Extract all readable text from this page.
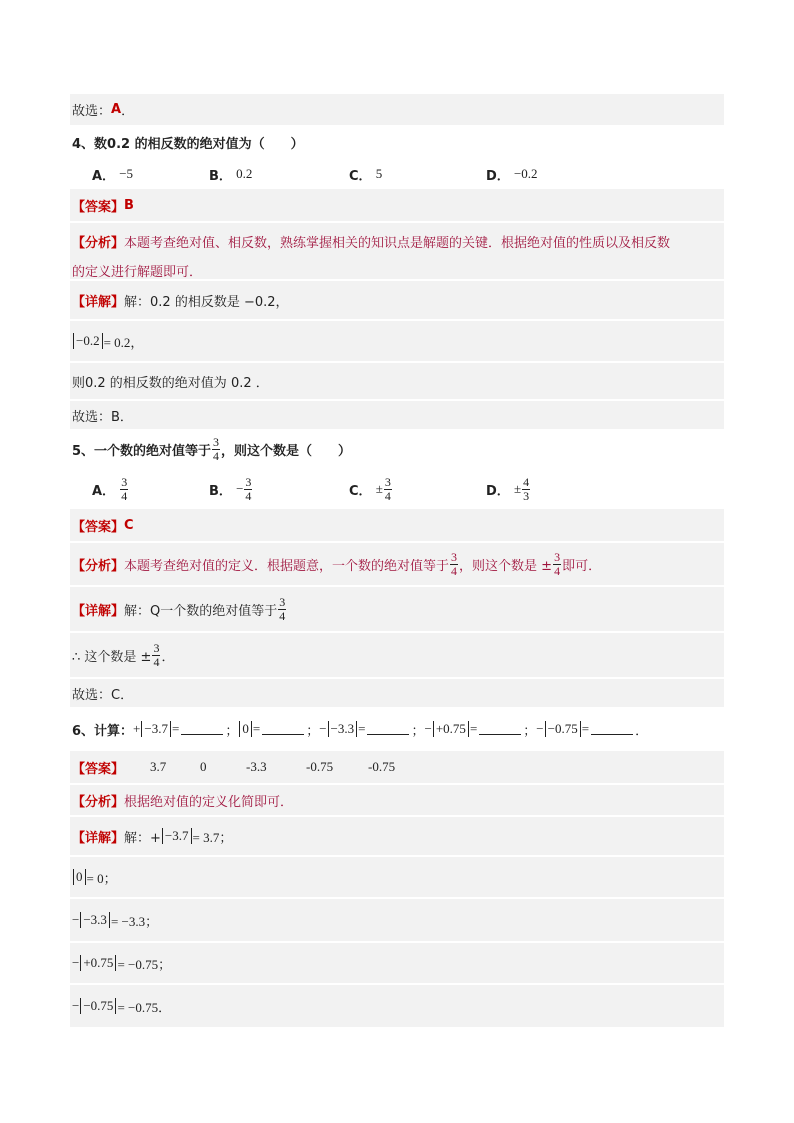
故选： A ．
4、数0.2 的相反数的绝对值为（　　）
A．
−5	B．
0.2	C．
5	D．
−0.2
【答案】 B
【分析】本题考查绝对值、相反数，熟练掌握相关的知识点是解题的关键．根据绝对值的性质以及相反数
的定义进行解题即可．
【详解】 解：0.2 的相反数是 −0.2，
−0.2 = 0.2，
则0.2 的相反数的绝对值为 0.2 ．
故选：B．
5、一个数的绝对值等于 $\frac{3}{4}$ ，则这个数是（　　）
A．
$\frac{3}{4}$	B．
− $\frac{3}{4}$	C．
± $\frac{3}{4}$	D．
± $\frac{4}{3}$
【答案】 C
【分析】 本题考查绝对值的定义．根据题意，一个数的绝对值等于 $\frac{3}{4}$ ，则这个数是 ± $\frac{3}{4}$ 即可．
【详解】 解：Q一个数的绝对值等于 $\frac{3}{4}$
∴ 这个数是 ± $\frac{3}{4}$ ．
故选：C．
6、计算： + −3.7 =	； 0 =	； − −3.3 =	； − +0.75 =	； − −0.75 =	．
【答案】 3.7	0	-3.3	-0.75	-0.75
【分析】 根据绝对值的定义化简即可．
【详解】 解：+ −3.7 = 3.7；
0 = 0；
− −3.3 = −3.3；
− +0.75 = −0.75；
− −0.75 = −0.75．
